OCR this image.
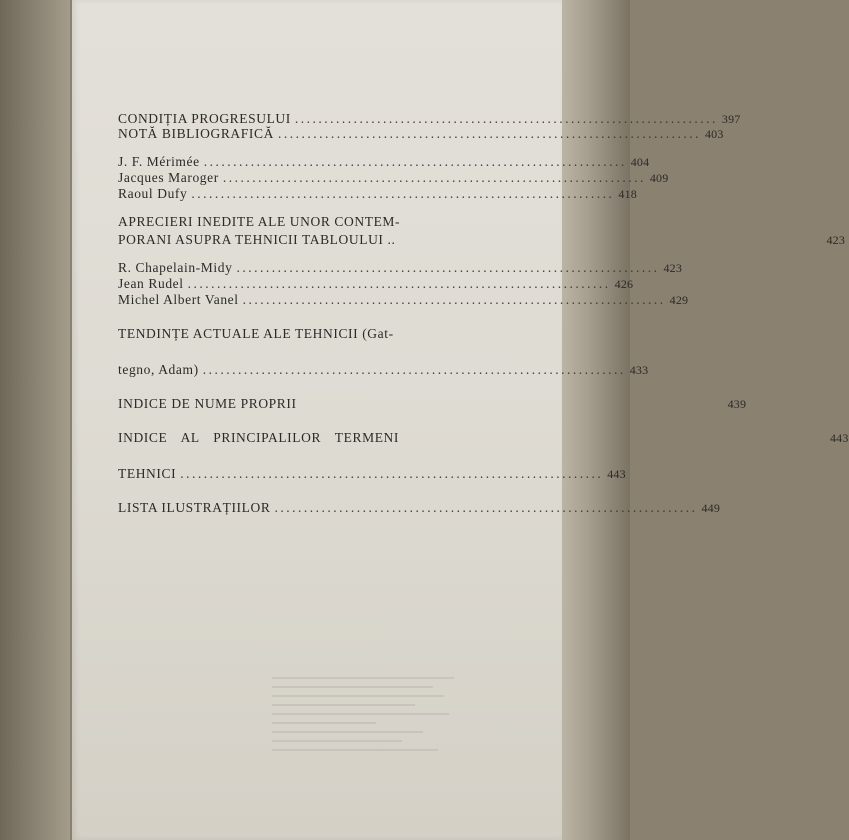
CONDIȚIA PROGRESULUI ........................................................................ 397
NOTĂ BIBLIOGRAFICĂ ........................................................................ 403
J. F. Mérimée ........................................................................ 404
Jacques Maroger ........................................................................ 409
Raoul Dufy ........................................................................ 418
APRECIERI INEDITE ALE UNOR CONTEM-
PORANI ASUPRA TEHNICII TABLOULUI ..	423
R. Chapelain-Midy ........................................................................ 423
Jean Rudel ........................................................................ 426
Michel Albert Vanel ........................................................................ 429
TENDINȚE ACTUALE ALE TEHNICII (Gat-
tegno, Adam) ........................................................................ 433
INDICE DE NUME PROPRII	439
INDICE AL PRINCIPALILOR TERMENI	443
TEHNICI ........................................................................ 443
LISTA ILUSTRAȚIILOR ........................................................................ 449
